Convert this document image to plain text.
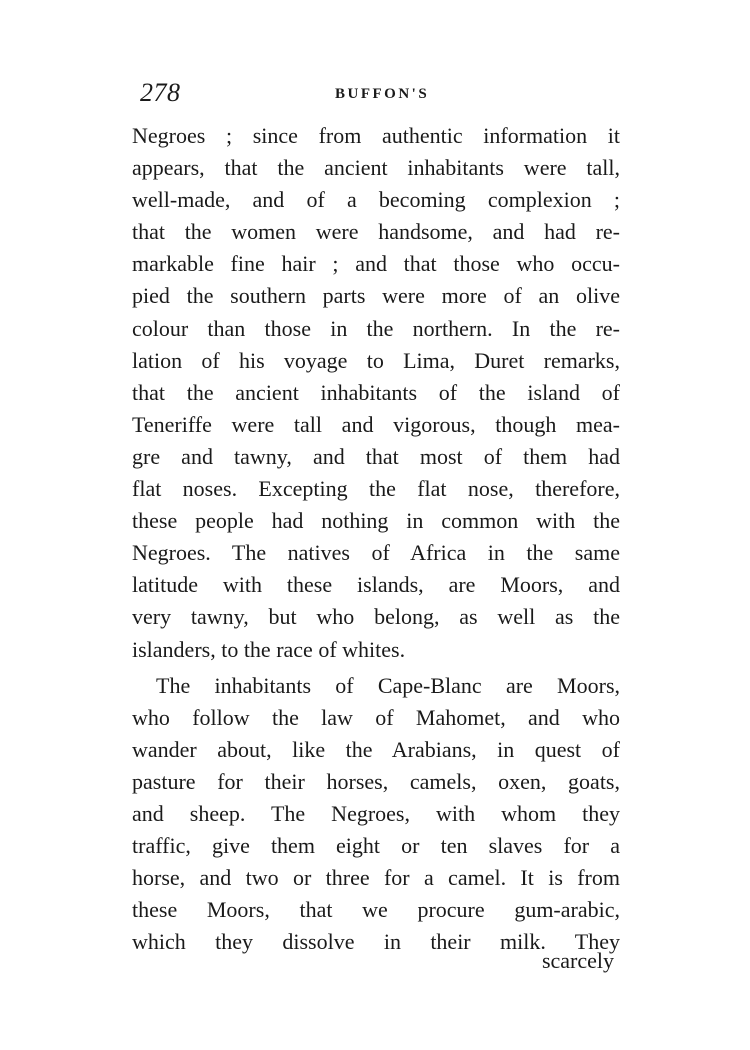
278	BUFFON'S
Negroes ; since from authentic information it
appears, that the ancient inhabitants were tall,
well-made, and of a becoming complexion ;
that the women were handsome, and had re-
markable fine hair ; and that those who occu-
pied the southern parts were more of an olive
colour than those in the northern. In the re-
lation of his voyage to Lima, Duret remarks,
that the ancient inhabitants of the island of
Teneriffe were tall and vigorous, though mea-
gre and tawny, and that most of them had
flat noses. Excepting the flat nose, therefore,
these people had nothing in common with the
Negroes. The natives of Africa in the same
latitude with these islands, are Moors, and
very tawny, but who belong, as well as the
islanders, to the race of whites.
The inhabitants of Cape-Blanc are Moors,
who follow the law of Mahomet, and who
wander about, like the Arabians, in quest of
pasture for their horses, camels, oxen, goats,
and sheep. The Negroes, with whom they
traffic, give them eight or ten slaves for a
horse, and two or three for a camel. It is from
these Moors, that we procure gum-arabic,
which they dissolve in their milk. They
scarcely
